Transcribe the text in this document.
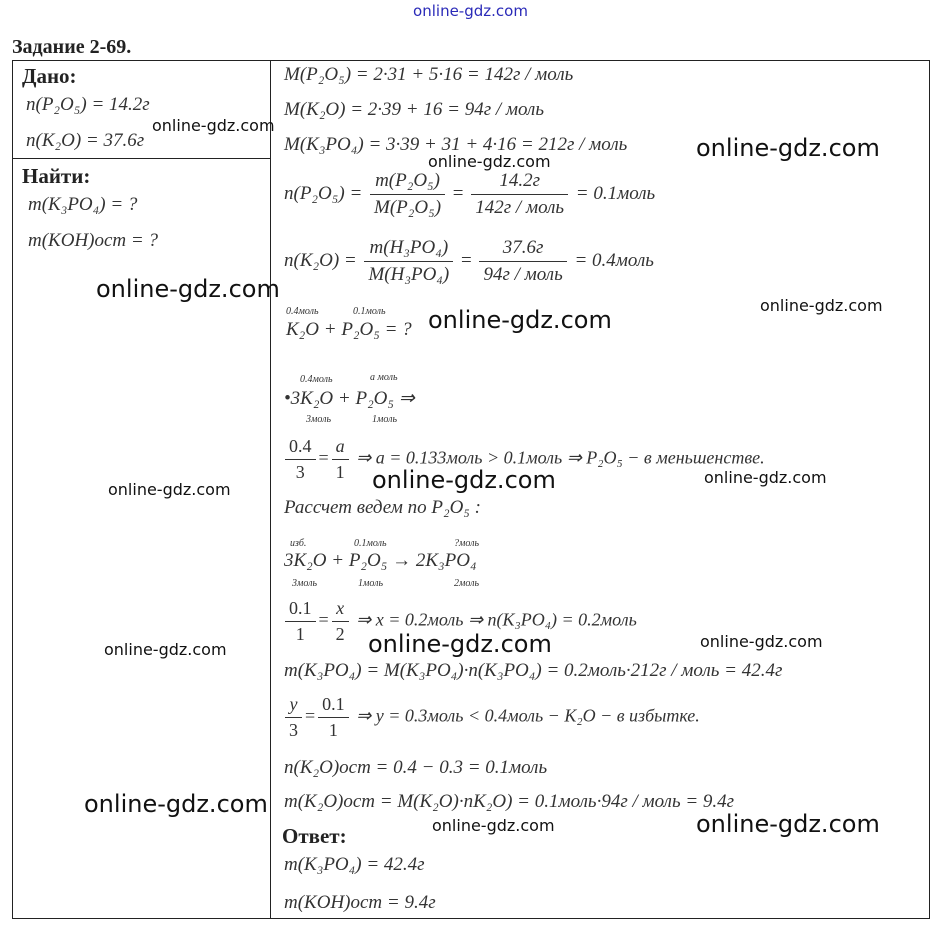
online-gdz.com
Задание 2-69.
Дано:
n(P₂O₅) = 14.2г
n(K₂O) = 37.6г
Найти:
m(K₃PO₄) = ?
m(KOH)ост = ?
M(P₂O₅) = 2·31 + 5·16 = 142г / моль
M(K₂O) = 2·39 + 16 = 94г / моль
M(K₃PO₄) = 3·39 + 31 + 4·16 = 212г / моль
$n(P_2O_5) = \frac{\text{m(P₂O₅)}}{\text{M(P₂O₅)}} = \frac{14.2г}{\text{142г / моль}}$ = 0.1моль
$n(K_2O) = \frac{\text{m(H₃PO₄)}}{\text{M(H₃PO₄)}} = \frac{37.6г}{\text{94г / моль}}$ = 0.4моль
0.4моль	0.1моль
K₂O + P₂O₅ = ?
0.4моль	a моль
•3K₂O + P₂O₅ ⇒
3моль	1моль
$\frac{0.4}{3} = \frac{a}{1}$ ⇒ a = 0.133моль > 0.1моль ⇒ P₂O₅ − в меньшенстве.
Рассчет ведем по P₂O₅ :
изб.	0.1моль	?моль
3K₂O + P₂O₅ → 2K₃PO₄
3моль	1моль	2моль
$\frac{0.1}{1} = \frac{x}{2}$ ⇒ x = 0.2моль ⇒ n(K₃PO₄) = 0.2моль
m(K₃PO₄) = M(K₃PO₄)·n(K₃PO₄) = 0.2моль·212г / моль = 42.4г
$\frac{y}{3} = \frac{0.1}{1}$ ⇒ y = 0.3моль < 0.4моль − K₂O − в избытке.
n(K₂O)ост = 0.4 − 0.3 = 0.1моль
m(K₂O)ост = M(K₂O)·nK₂O) = 0.1моль·94г / моль = 9.4г
Ответ:
m(K₃PO₄) = 42.4г
m(KOH)ост = 9.4г
online-gdz.com
online-gdz.com	online-gdz.com
online-gdz.com
online-gdz.com
online-gdz.com
online-gdz.com	online-gdz.com
online-gdz.com
online-gdz.com	online-gdz.com
online-gdz.com
online-gdz.com
online-gdz.com	online-gdz.com
